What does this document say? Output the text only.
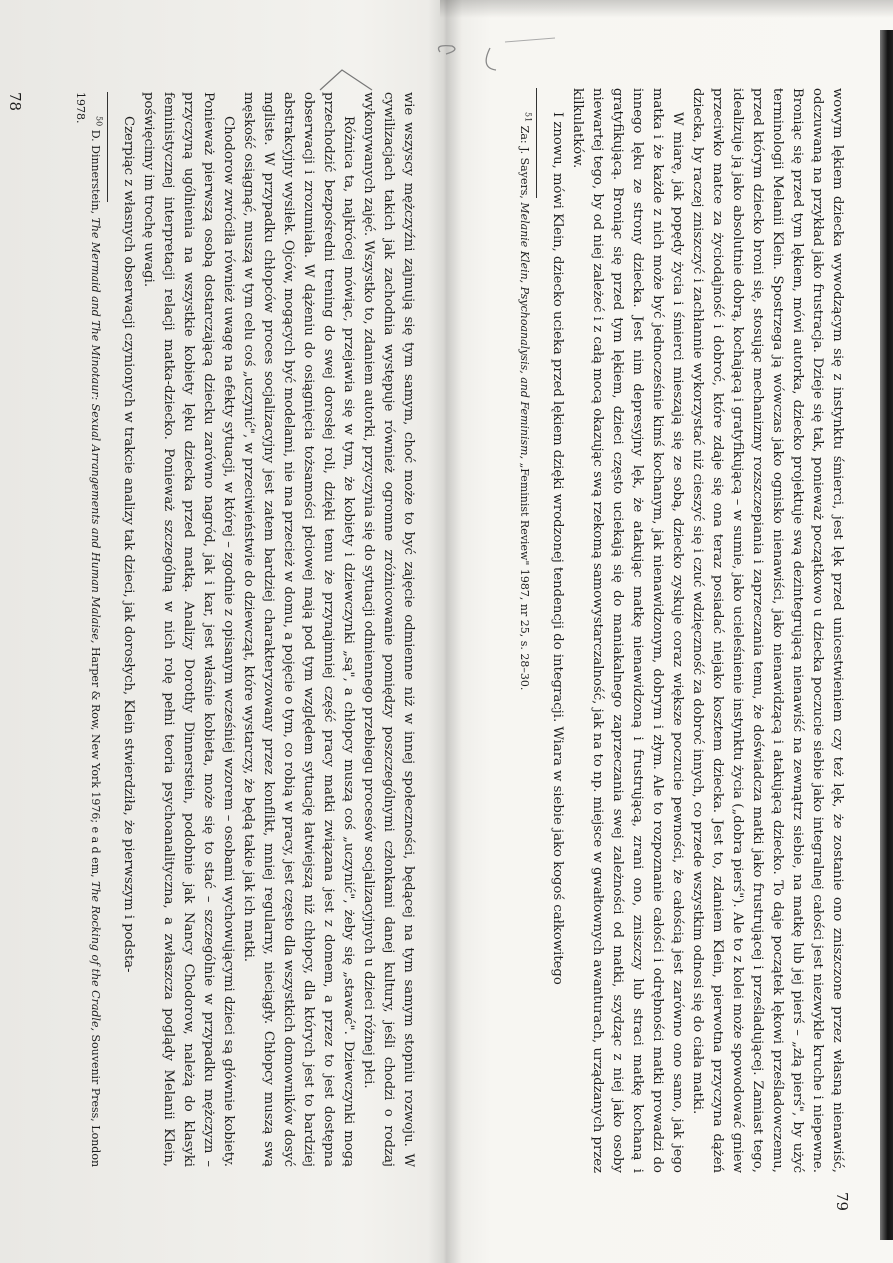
wie wszyscy mężczyźni zajmują się tym samym, choć może to być zajęcie odmienne niż w innej społeczności, będącej na tym samym stopniu rozwoju. W cywilizacjach takich jak zachodnia występuje również ogromne zróżnicowanie pomiędzy poszczególnymi członkami danej kultury, jeśli chodzi o rodzaj wykonywanych zajęć. Wszystko to, zdaniem autorki, przyczynia się do sytuacji odmiennego przebiegu procesów socjalizacyjnych u dzieci różnej płci.

Różnica ta, najkrócej mówiąc, przejawia się w tym, że kobiety i dziewczynki „są", a chłopcy muszą coś „uczynić", żeby się „stawać". Dziewczynki mogą przechodzić bezpośredni trening do swej dorosłej roli, dzięki temu że przynajmniej część pracy matki związana jest z domem, a przez to jest dostępna obserwacji i zrozumiała. W dążeniu do osiągnięcia tożsamości płciowej mają pod tym względem sytuację łatwiejszą niż chłopcy, dla których jest to bardziej abstrakcyjny wysiłek. Ojców, mogących być modelami, nie ma przecież w domu, a pojęcie o tym, co robią w pracy, jest często dla wszystkich domowników dosyć mgliste. W przypadku chłopców proces socjalizacyjny jest zatem bardziej charakteryzowany przez konflikt, mniej regularny, nieciągły. Chłopcy muszą swą męskość osiągnąć, muszą w tym celu coś „uczynić", w przeciwieństwie do dziewcząt, które wystarczy, że będą takie jak ich matki.

Chodorow zwróciła również uwagę na efekty sytuacji, w której – zgodnie z opisanym wcześniej wzorem – osobami wychowującymi dzieci są głównie kobiety. Ponieważ pierwszą osobą dostarczającą dziecku zarówno nagród, jak i kar, jest właśnie kobieta, może się to stać – szczególnie w przypadku mężczyzn – przyczyną ugólnienia na wszystkie kobiety lęku dziecka przed matką. Analizy Dorothy Dinnerstein, podobnie jak Nancy Chodorow, należą do klasyki feministycznej interpretacji relacji matka-dziecko. Ponieważ szczególną w nich rolę pełni teoria psychoanalityczna, a zwłaszcza poglądy Melanii Klein, poświęcimy im trochę uwagi.

Czerpiąc z własnych obserwacji czynionych w trakcie analizy tak dzieci, jak dorosłych, Klein stwierdziła, że pierwszym i podsta-

$^{50}$ D. Dinnerstein, The Mermaid and The Minotaur: Sexual Arrangements and Human Malaise, Harper & Row, New York 1976; e a d em, The Rocking of the Cradle, Souvenir Press, London 1978.

78	wowym lękiem dziecka wywodzącym się z instynktu śmierci, jest lęk przed unicestwieniem czy też lęk, że zostanie ono zniszczone przez własną nienawiść, odczuwaną na przykład jako frustracja. Dzieje się tak, ponieważ początkowo u dziecka poczucie siebie jako integralnej całości jest niezwykle kruche i niepewne. Broniąc się przed tym lękiem, mówi autorka, dziecko projektuje swą dezintegrującą nienawiść na zewnątrz siebie, na matkę lub jej pierś – „złą pierś", by użyć terminologii Melanii Klein. Spostrzega ją wówczas jako ognisko nienawiści, jako nienawidzącą i atakującą dziecko. To daje początek lękowi prześladowczemu, przed którym dziecko broni się, stosując mechanizmy rozszczepiania i zaprzeczania temu, że doświadcza matki jako frustrującej i prześladującej. Zamiast tego, idealizuje ją jako absolutnie dobrą, kochającą i gratyfikującą – w sumie, jako ucieleśnienie instynktu życia („dobra pierś"). Ale to z kolei może spowodować gniew przeciwko matce za życiodajność i dobroć, które zdaje się ona teraz posiadać niejako kosztem dziecka. Jest to, zdaniem Klein, pierwotna przyczyna dążeń dziecka, by raczej zniszczyć i zachłannie wykorzystać niż cieszyć się i czuć wdzięczność za dobroć innych, co przede wszystkim odnosi się do ciała matki.

W miarę, jak popędy życia i śmierci mieszają się ze sobą, dziecko zyskuje coraz większe poczucie pewności, że całością jest zarówno ono samo, jak jego matka i że każde z nich może być jednocześnie kimś kochanym, jak nienawidzonym, dobrym i złym. Ale to rozpoznanie całości i odrębności matki prowadzi do innego lęku ze strony dziecka. Jest nim depresyjny lęk, że atakując matkę nienawidzoną i frustrującą, zrani ono, zniszczy lub straci matkę kochaną i gratyfikującą. Broniąc się przed tym lękiem, dzieci często uciekają się do maniakalnego zaprzeczania swej zależności od matki, szydząc z niej jako osoby niewartej tego, by od niej zależeć i z całą mocą okazując swą rzekomą samowystarczalność, jak na to np. miejsce w gwałtownych awanturach, urządzanych przez kilkulatków.

I znowu, mówi Klein, dziecko ucieka przed lękiem dzięki wrodzonej tendencji do integracji. Wiara w siebie jako kogoś całkowitego

$^{51}$ Za: J. Sayers, Melanie Klein, Psychoanalysis, and Feminism, „Feminist Review" 1987, nr 25, s. 28–30.

79
